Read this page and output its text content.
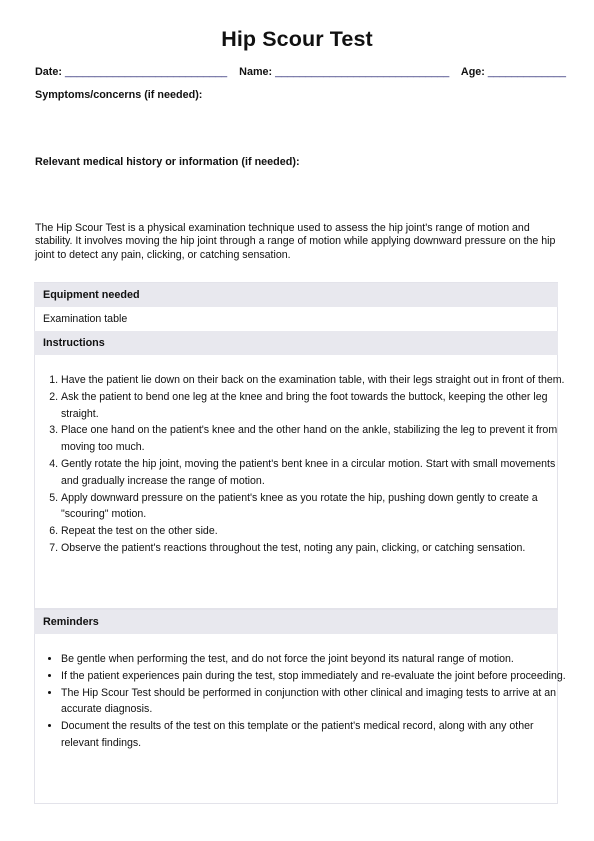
Hip Scour Test
Date: ___________________________ Name: _____________________________ Age: _____________
Symptoms/concerns (if needed):
Relevant medical history or information (if needed):
The Hip Scour Test is a physical examination technique used to assess the hip joint's range of motion and stability. It involves moving the hip joint through a range of motion while applying downward pressure on the hip joint to detect any pain, clicking, or catching sensation.
Equipment needed
Examination table
Instructions
1. Have the patient lie down on their back on the examination table, with their legs straight out in front of them.
2. Ask the patient to bend one leg at the knee and bring the foot towards the buttock, keeping the other leg straight.
3. Place one hand on the patient's knee and the other hand on the ankle, stabilizing the leg to prevent it from moving too much.
4. Gently rotate the hip joint, moving the patient's bent knee in a circular motion. Start with small movements and gradually increase the range of motion.
5. Apply downward pressure on the patient's knee as you rotate the hip, pushing down gently to create a "scouring" motion.
6. Repeat the test on the other side.
7. Observe the patient's reactions throughout the test, noting any pain, clicking, or catching sensation.
Reminders
• Be gentle when performing the test, and do not force the joint beyond its natural range of motion.
• If the patient experiences pain during the test, stop immediately and re-evaluate the joint before proceeding.
• The Hip Scour Test should be performed in conjunction with other clinical and imaging tests to arrive at an accurate diagnosis.
• Document the results of the test on this template or the patient's medical record, along with any other relevant findings.
